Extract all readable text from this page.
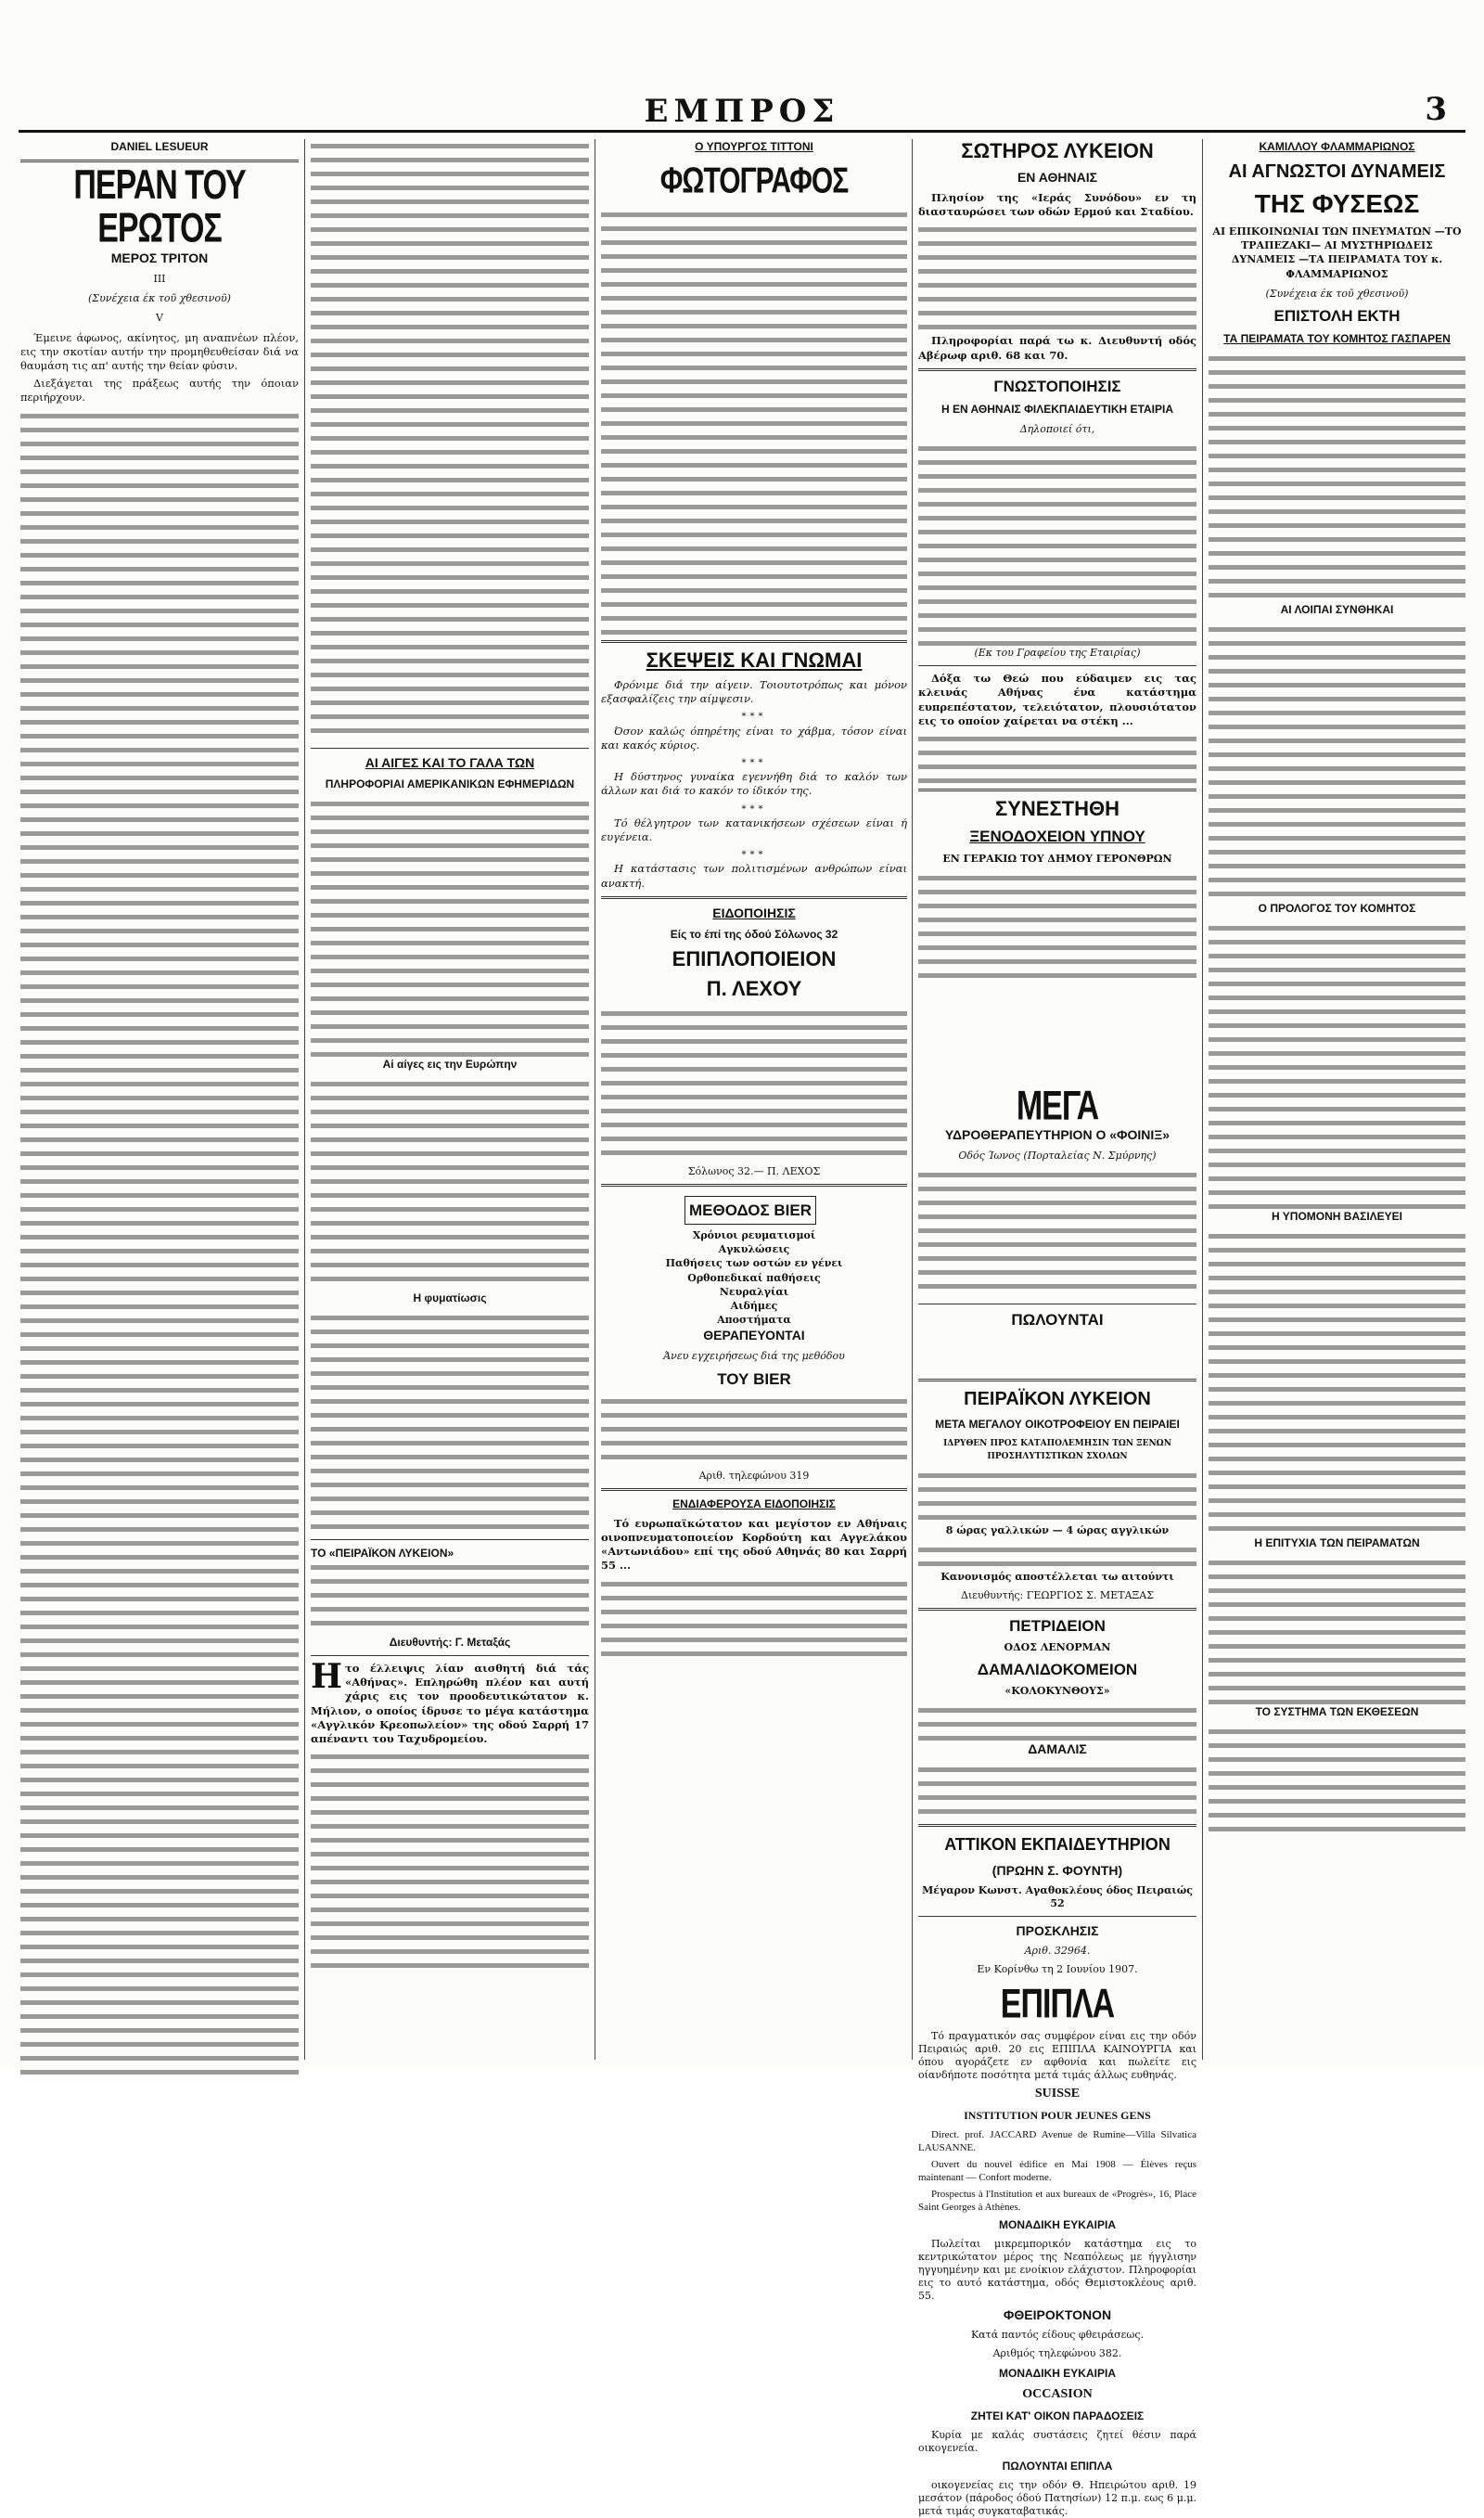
ΕΜΠΡΟΣ	3
DANIEL LESUEUR
ΠΕΡΑΝ ΤΟΥ ΕΡΩΤΟΣ
ΜΕΡΟΣ ΤΡΙΤΟΝ
III
(Συνέχεια έκ τοῦ χθεσινοῦ)
V

Έμεινε άφωνος, ακίνητος, μη αναπνέων πλέον, εις την σκοτίαν αυτήν την προμηθευθείσαν διά να θαυμάση τις απ' αυτής την θείαν φύσιν.

Διεξάγεται της πράξεως αυτής την όποιαν περιήρχουν.

ΑΙ ΑΙΓΕΣ ΚΑΙ ΤΟ ΓΑΛΑ ΤΩΝ
ΠΛΗΡΟΦΟΡΙΑΙ ΑΜΕΡΙΚΑΝΙΚΩΝ ΕΦΗΜΕΡΙΔΩΝ
Αί αίγες εις την Ευρώπην
Η φυματίωσις
ΤΟ «ΠΕΙΡΑΪΚΟΝ ΛΥΚΕΙΟΝ»
Διευθυντής: Γ. Μεταξάς
Ητο έλλειψις λίαν αισθητή διά τάς «Αθήνας». Επληρώθη πλέον και αυτή χάρις εις τον προοδευτικώτατον κ. Μήλιον, ο οποίος ίδρυσε το μέγα κατάστημα «Αγγλικόν Κρεοπωλείον» της οδού Σαρρή 17 απέναντι του Ταχυδρομείου.
Ο ΥΠΟΥΡΓΟΣ ΤΙΤΤΟΝΙ
ΦΩΤΟΓΡΑΦΟΣ
ΣΚΕΨΕΙΣ ΚΑΙ ΓΝΩΜΑΙ

Φρόνιμε διά την αίγειν. Τοιουτοτρόπως και μόνον εξασφαλίζεις την αίμψεσιν.

***

Όσον καλώς όπηρέτης είναι το χάβμα, τόσον είναι και κακός κύριος.

***

Η δύστηνος γυναίκα εγεννήθη διά το καλόν των άλλων και διά το κακόν το ίδικόν της.

***

Τό θέλγητρον των κατανικήσεων σχέσεων είναι ή ευγένεια.

***

Η κατάστασις των πολιτισμένων ανθρώπων είναι ανακτή.

ΕΙΔΟΠΟΙΗΣΙΣ
Είς το έπί της όδού Σόλωνος 32
ΕΠΙΠΛΟΠΟΙΕΙΟΝ
Π. ΛΕΧΟΥ
Σόλωνος 32.— Π. ΛΕΧΟΣ
ΜΕΘΟΔΟΣ BIER
Χρόνιοι ρευματισμοί
Αγκυλώσεις
Παθήσεις των οστών εν γένει
Ορθοπεδικαί παθήσεις
Νευραλγίαι
Αιδήμες
Αποστήματα
ΘΕΡΑΠΕΥΟΝΤΑΙ
Άνευ εγχειρήσεως διά της μεθόδου
ΤΟΥ BIER
Αριθ. τηλεφώνου 319
ΕΝΔΙΑΦΕΡΟΥΣΑ ΕΙΔΟΠΟΙΗΣΙΣ

Τό ευρωπαϊκώτατον και μεγίστον εν Αθήναις οινοπνευματοποιείον Κορδούτη και Αγγελάκου «Αντωνιάδου» επί της οδού Αθηνάς 80 και Σαρρή 55 ...

ΣΩΤΗΡΟΣ ΛΥΚΕΙΟΝ
ΕΝ ΑΘΗΝΑΙΣ

Πλησίον της «Ιεράς Συνόδου» εν τη διασταυρώσει των οδών Ερμού και Σταδίου.

Πληροφορίαι παρά τω κ. Διευθυντή οδός Αβέρωφ αριθ. 68 και 70.

ΓΝΩΣΤΟΠΟΙΗΣΙΣ
Η ΕΝ ΑΘΗΝΑΙΣ ΦΙΛΕΚΠΑΙΔΕΥΤΙΚΗ ΕΤΑΙΡΙΑ
Δηλοποιεί ότι,
(Εκ του Γραφείου της Εταιρίας)

Δόξα τω Θεώ που εύδαιμεν εις τας κλεινάς Αθήνας ένα κατάστημα ευπρεπέστατον, τελειότατον, πλουσιότατον εις το οποίον χαίρεται να στέκη ...

ΣΥΝΕΣΤΗΘΗ
ΞΕΝΟΔΟΧΕΙΟΝ ΥΠΝΟΥ
ΕΝ ΓΕΡΑΚΙΩ ΤΟΥ ΔΗΜΟΥ ΓΕΡΟΝΘΡΩΝ
ΜΕΓΑ
ΥΔΡΟΘΕΡΑΠΕΥΤΗΡΙΟΝ Ο «ΦΟΙΝΙΞ»
Οδός Ίωνος (Πορταλείας Ν. Σμύρνης)
ΠΩΛΟΥΝΤΑΙ
ΚΑΜΙΛΛΟΥ ΦΛΑΜΜΑΡΙΩΝΟΣ
ΑΙ ΑΓΝΩΣΤΟΙ ΔΥΝΑΜΕΙΣ
ΤΗΣ ΦΥΣΕΩΣ
ΑΙ ΕΠΙΚΟΙΝΩΝΙΑΙ ΤΩΝ ΠΝΕΥΜΑΤΩΝ —ΤΟ ΤΡΑΠΕΖΑΚΙ— ΑΙ ΜΥΣΤΗΡΙΩΔΕΙΣ ΔΥΝΑΜΕΙΣ —ΤΑ ΠΕΙΡΑΜΑΤΑ ΤΟΥ κ. ΦΛΑΜΜΑΡΙΩΝΟΣ
(Συνέχεια έκ τοῦ χθεσινοῦ)
ΕΠΙΣΤΟΛΗ ΕΚΤΗ
ΤΑ ΠΕΙΡΑΜΑΤΑ ΤΟΥ ΚΟΜΗΤΟΣ ΓΑΣΠΑΡΕΝ
ΑΙ ΛΟΙΠΑΙ ΣΥΝΘΗΚΑΙ
Ο ΠΡΟΛΟΓΟΣ ΤΟΥ ΚΟΜΗΤΟΣ
Η ΥΠΟΜΟΝΗ ΒΑΣΙΛΕΥΕΙ
Η ΕΠΙΤΥΧΙΑ ΤΩΝ ΠΕΙΡΑΜΑΤΩΝ
ΤΟ ΣΥΣΤΗΜΑ ΤΩΝ ΕΚΘΕΣΕΩΝ
ΠΕΙΡΑΪΚΟΝ ΛΥΚΕΙΟΝ
ΜΕΤΑ ΜΕΓΑΛΟΥ ΟΙΚΟΤΡΟΦΕΙΟΥ ΕΝ ΠΕΙΡΑΙΕΙ
ΙΔΡΥΘΕΝ ΠΡΟΣ ΚΑΤΑΠΟΛΕΜΗΣΙΝ ΤΩΝ ΞΕΝΩΝ ΠΡΟΣΗΛΥΤΙΣΤΙΚΩΝ ΣΧΟΛΩΝ
8 ώρας γαλλικών — 4 ώρας αγγλικών
Κανονισμός αποστέλλεται τω αιτούντι
Διευθυντής: ΓΕΩΡΓΙΟΣ Σ. ΜΕΤΑΞΑΣ
ΠΕΤΡΙΔΕΙΟΝ
ΟΔΟΣ ΛΕΝΟΡΜΑΝ
ΔΑΜΑΛΙΔΟΚΟΜΕΙΟΝ
«ΚΟΛΟΚΥΝΘΟΥΣ»
ΔΑΜΑΛΙΣ
ΑΤΤΙΚΟΝ ΕΚΠΑΙΔΕΥΤΗΡΙΟΝ
(ΠΡΩΗΝ Σ. ΦΟΥΝΤΗ)
Μέγαρον Κωνστ. Αγαθοκλέους όδος Πειραιώς 52
ΠΡΟΣΚΛΗΣΙΣ
Αριθ. 32964.
Εν Κορίνθω τη 2 Ιουνίου 1907.
ΕΠΙΠΛΑ
Τό πραγματικόν σας συμφέρον είναι εις την οδόν Πειραιώς αριθ. 20 εις ΕΠΙΠΛΑ ΚΑΙΝΟΥΡΓΙΑ και όπου αγοράζετε εν αφθονία και πωλείτε εις οίανδήποτε ποσότητα μετά τιμάς άλλως ευθηνάς.
SUISSE
INSTITUTION POUR JEUNES GENS
Direct. prof. JACCARD Avenue de Rumine—Villa Silvatica LAUSANNE.
Ouvert du nouvel édifice en Mai 1908 — Élèves reçus maintenant — Confort moderne.
Prospectus à l'Institution et aux bureaux de «Progrès», 16, Place Saint Georges à Athènes.
ΜΟΝΑΔΙΚΗ ΕΥΚΑΙΡΙΑ
Πωλείται μικρεμπορικόν κατάστημα εις το κεντρικώτατον μέρος της Νεαπόλεως με ήγγλισην ηγγυημένην και με ενοίκιον ελάχιστον. Πληροφορίαι εις το αυτό κατάστημα, οδός Θεμιστοκλέους αριθ. 55.
ΦΘΕΙΡΟΚΤΟΝΟΝ
Κατά παντός είδους φθειράσεως.
Αριθμός τηλεφώνου 382.
ΜΟΝΑΔΙΚΗ ΕΥΚΑΙΡΙΑ
OCCASION
ΖΗΤΕΙ ΚΑΤ' ΟΙΚΟΝ ΠΑΡΑΔΟΣΕΙΣ
Κυρία με καλάς συστάσεις ζητεί θέσιν παρά οικογενεία.
ΠΩΛΟΥΝΤΑΙ ΕΠΙΠΛΑ
οικογενείας εις την οδόν Θ. Ηπειρώτου αριθ. 19 μεσάτον (πάροδος όδού Πατησίων) 12 π.μ. εως 6 μ.μ. μετά τιμάς συγκαταβατικάς.
